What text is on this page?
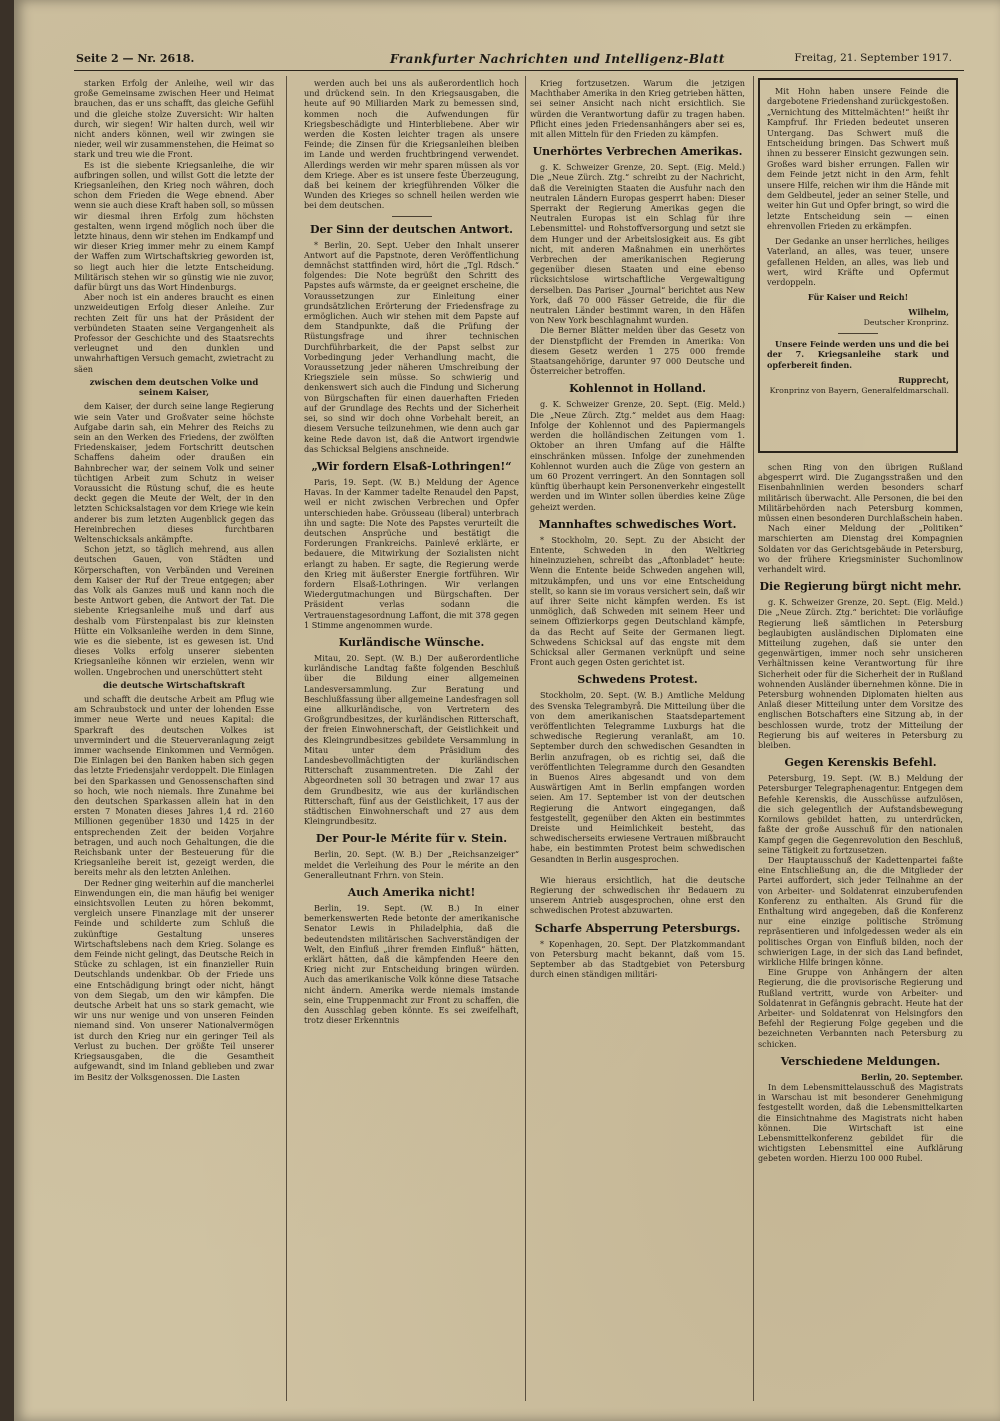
Seite 2 — Nr. 2618.	Frankfurter Nachrichten und Intelligenz-Blatt	Freitag, 21. September 1917.

starken Erfolg der Anleihe, weil wir das große Gemeinsame zwischen Heer und Heimat brauchen, das er uns schafft, das gleiche Gefühl und die gleiche stolze Zuversicht: Wir halten durch, wir siegen! Wir halten durch, weil wir nicht anders können, weil wir zwingen sie nieder, weil wir zusammenstehen, die Heimat so stark und treu wie die Front.

Es ist die siebente Kriegsanleihe, die wir aufbringen sollen, und willst Gott die letzte der Kriegsanleihen, den Krieg noch währen, doch schon dem Frieden die Wege ebnend. Aber wenn sie auch diese Kraft haben soll, so müssen wir diesmal ihren Erfolg zum höchsten gestalten, wenn irgend möglich noch über die letzte hinaus, denn wir stehen im Endkampf und wir dieser Krieg immer mehr zu einem Kampf der Waffen zum Wirtschaftskrieg geworden ist, so liegt auch hier die letzte Entscheidung. Militärisch stehen wir so günstig wie nie zuvor, dafür bürgt uns das Wort Hindenburgs.

Aber noch ist ein anderes braucht es einen unzweideutigen Erfolg dieser Anleihe. Zur rechten Zeit für uns hat der Präsident der verbündeten Staaten seine Vergangenheit als Professor der Geschichte und des Staatsrechts verleugnet und den dunklen und unwahrhaftigen Versuch gemacht, zwietracht zu säen

zwischen dem deutschen Volke und seinem Kaiser,

dem Kaiser, der durch seine lange Regierung wie sein Vater und Großvater seine höchste Aufgabe darin sah, ein Mehrer des Reichs zu sein an den Werken des Friedens, der zwölften Friedenskaiser, jedem Fortschritt deutschen Schaffens daheim oder draußen ein Bahnbrecher war, der seinem Volk und seiner tüchtigen Arbeit zum Schutz in weiser Voraussicht die Rüstung schuf, die es heute deckt gegen die Meute der Welt, der in den letzten Schicksalstagen vor dem Kriege wie kein anderer bis zum letzten Augenblick gegen das Hereinbrechen dieses furchtbaren Weltenschicksals ankämpfte.

Schon jetzt, so täglich mehrend, aus allen deutschen Gauen, von Städten und Körperschaften, von Verbänden und Vereinen dem Kaiser der Ruf der Treue entgegen; aber das Volk als Ganzes muß und kann noch die beste Antwort geben, die Antwort der Tat. Die siebente Kriegsanleihe muß und darf aus deshalb vom Fürstenpalast bis zur kleinsten Hütte ein Volksanleihe werden in dem Sinne, wie es die siebente, ist es gewesen ist. Und dieses Volks erfolg unserer siebenten Kriegsanleihe können wir erzielen, wenn wir wollen. Ungebrochen und unerschüttert steht

die deutsche Wirtschaftskraft

und schafft die deutsche Arbeit am Pflug wie am Schraubstock und unter der lohenden Esse immer neue Werte und neues Kapital: die Sparkraft des deutschen Volkes ist unvermindert und die Steuerveranlagung zeigt immer wachsende Einkommen und Vermögen. Die Einlagen bei den Banken haben sich gegen das letzte Friedensjahr verdoppelt. Die Einlagen bei den Sparkassen und Genossenschaften sind so hoch, wie noch niemals. Ihre Zunahme bei den deutschen Sparkassen allein hat in den ersten 7 Monaten dieses Jahres 1,4 rd. 2160 Millionen gegenüber 1830 und 1425 in der entsprechenden Zeit der beiden Vorjahre betragen, und auch noch Gehaltungen, die die Reichsbank unter der Besteuerung für die Kriegsanleihe bereit ist, gezeigt werden, die bereits mehr als den letzten Anleihen.

Der Redner ging weiterhin auf die mancherlei Einwendungen ein, die man häufig bei weniger einsichtsvollen Leuten zu hören bekommt, vergleich unsere Finanzlage mit der unserer Feinde und schilderte zum Schluß die zukünftige Gestaltung unseres Wirtschaftslebens nach dem Krieg. Solange es dem Feinde nicht gelingt, das Deutsche Reich in Stücke zu schlagen, ist ein finanzieller Ruin Deutschlands undenkbar. Ob der Friede uns eine Entschädigung bringt oder nicht, hängt von dem Siegab, um den wir kämpfen. Die deutsche Arbeit hat uns so stark gemacht, wie wir uns nur wenige und von unseren Feinden niemand sind. Von unserer Nationalvermögen ist durch den Krieg nur ein geringer Teil als Verlust zu buchen. Der größte Teil unserer Kriegsausgaben, die die Gesamtheit aufgewandt, sind im Inland geblieben und zwar im Besitz der Volksgenossen. Die Lasten

werden auch bei uns als außerordentlich hoch und drückend sein. In den Kriegsausgaben, die heute auf 90 Milliarden Mark zu bemessen sind, kommen noch die Aufwendungen für Kriegsbeschädigte und Hinterbliebene. Aber wir werden die Kosten leichter tragen als unsere Feinde; die Zinsen für die Kriegsanleihen bleiben im Lande und werden fruchtbringend verwendet. Allerdings werden wir mehr sparen müssen als vor dem Kriege. Aber es ist unsere feste Überzeugung, daß bei keinem der kriegführenden Völker die Wunden des Krieges so schnell heilen werden wie bei dem deutschen.

Der Sinn der deutschen Antwort.

* Berlin, 20. Sept. Ueber den Inhalt unserer Antwort auf die Papstnote, deren Veröffentlichung demnächst stattfinden wird, hört die „Tgl. Rdsch.“ folgendes: Die Note begrüßt den Schritt des Papstes aufs wärmste, da er geeignet erscheine, die Voraussetzungen zur Einleitung einer grundsätzlichen Erörterung der Friedensfrage zu ermöglichen. Auch wir stehen mit dem Papste auf dem Standpunkte, daß die Prüfung der Rüstungsfrage und ihrer technischen Durchführbarkeit, die der Papst selbst zur Vorbedingung jeder Verhandlung macht, die Voraussetzung jeder näheren Umschreibung der Kriegsziele sein müsse. So schwierig und denkenswert sich auch die Findung und Sicherung von Bürgschaften für einen dauerhaften Frieden auf der Grundlage des Rechts und der Sicherheit sei, so sind wir doch ohne Vorbehalt bereit, an diesem Versuche teilzunehmen, wie denn auch gar keine Rede davon ist, daß die Antwort irgendwie das Schicksal Belgiens anschneide.

„Wir fordern Elsaß-Lothringen!“

Paris, 19. Sept. (W. B.) Meldung der Agence Havas. In der Kammer tadelte Renaudel den Papst, weil er nicht zwischen Verbrechen und Opfer unterschieden habe. Gröusseau (liberal) unterbrach ihn und sagte: Die Note des Papstes verurteilt die deutschen Ansprüche und bestätigt die Forderungen Frankreichs. Painlevé erklärte, er bedauere, die Mitwirkung der Sozialisten nicht erlangt zu haben. Er sagte, die Regierung werde den Krieg mit äußerster Energie fortführen. Wir fordern Elsaß-Lothringen. Wir verlangen Wiedergutmachungen und Bürgschaften. Der Präsident verlas sodann die Vertrauenstagesordnung Laffont, die mit 378 gegen 1 Stimme angenommen wurde.

Kurländische Wünsche.

Mitau, 20. Sept. (W. B.) Der außerordentliche kurländische Landtag faßte folgenden Beschluß über die Bildung einer allgemeinen Landesversammlung. Zur Beratung und Beschlußfassung über allgemeine Landesfragen soll eine allkurländische, von Vertretern des Großgrundbesitzes, der kurländischen Ritterschaft, der freien Einwohnerschaft, der Geistlichkeit und des Kleingrundbesitzes gebildete Versammlung in Mitau unter dem Präsidium des Landesbevollmächtigten der kurländischen Ritterschaft zusammentreten. Die Zahl der Abgeordneten soll 30 betragen und zwar 17 aus dem Grundbesitz, wie aus der kurländischen Ritterschaft, fünf aus der Geistlichkeit, 17 aus der städtischen Einwohnerschaft und 27 aus dem Kleingrundbesitz.

Der Pour-le Mérite für v. Stein.

Berlin, 20. Sept. (W. B.) Der „Reichsanzeiger“ meldet die Verleihung des Pour le mérite an den Generalleutnant Frhrn. von Stein.

Auch Amerika nicht!

Berlin, 19. Sept. (W. B.) In einer bemerkenswerten Rede betonte der amerikanische Senator Lewis in Philadelphia, daß die bedeutendsten militärischen Sachverständigen der Welt, den Einfluß „ihrer fremden Einfluß“ hätten, erklärt hätten, daß die kämpfenden Heere den Krieg nicht zur Entscheidung bringen würden. Auch das amerikanische Volk könne diese Tatsache nicht ändern. Amerika werde niemals imstande sein, eine Truppenmacht zur Front zu schaffen, die den Ausschlag geben könnte. Es sei zweifelhaft, trotz dieser Erkenntnis

Krieg fortzusetzen. Warum die jetzigen Machthaber Amerika in den Krieg getrieben hätten, sei seiner Ansicht nach nicht ersichtlich. Sie würden die Verantwortung dafür zu tragen haben. Pflicht eines jeden Friedensanhängers aber sei es, mit allen Mitteln für den Frieden zu kämpfen.

Unerhörtes Verbrechen Amerikas.

g. K. Schweizer Grenze, 20. Sept. (Eig. Meld.) Die „Neue Zürch. Ztg.“ schreibt zu der Nachricht, daß die Vereinigten Staaten die Ausfuhr nach den neutralen Ländern Europas gesperrt haben: Dieser Sperrakt der Regierung Amerikas gegen die Neutralen Europas ist ein Schlag für ihre Lebensmittel- und Rohstoffversorgung und setzt sie dem Hunger und der Arbeitslosigkeit aus. Es gibt nicht, mit anderen Maßnahmen ein unerhörtes Verbrechen der amerikanischen Regierung gegenüber diesen Staaten und eine ebenso rücksichtslose wirtschaftliche Vergewaltigung derselben. Das Pariser „Journal“ berichtet aus New York, daß 70 000 Fässer Getreide, die für die neutralen Länder bestimmt waren, in den Häfen von New York beschlagnahmt wurden.

Die Berner Blätter melden über das Gesetz von der Dienstpflicht der Fremden in Amerika: Von diesem Gesetz werden 1 275 000 fremde Staatsangehörige, darunter 97 000 Deutsche und Österreicher betroffen.

Kohlennot in Holland.

g. K. Schweizer Grenze, 20. Sept. (Eig. Meld.) Die „Neue Zürch. Ztg.“ meldet aus dem Haag: Infolge der Kohlennot und des Papiermangels werden die holländischen Zeitungen vom 1. Oktober an ihren Umfang auf die Hälfte einschränken müssen. Infolge der zunehmenden Kohlennot wurden auch die Züge von gestern an um 60 Prozent verringert. An den Sonntagen soll künftig überhaupt kein Personenverkehr eingestellt werden und im Winter sollen überdies keine Züge geheizt werden.

Mannhaftes schwedisches Wort.

* Stockholm, 20. Sept. Zu der Absicht der Entente, Schweden in den Weltkrieg hineinzuziehen, schreibt das „Aftonbladet“ heute: Wenn die Entente beide Schweden angehen will, mitzukämpfen, und uns vor eine Entscheidung stellt, so kann sie im voraus versichert sein, daß wir auf ihrer Seite nicht kämpfen werden. Es ist unmöglich, daß Schweden mit seinem Heer und seinem Offizierkorps gegen Deutschland kämpfe, da das Recht auf Seite der Germanen liegt. Schwedens Schicksal auf das engste mit dem Schicksal aller Germanen verknüpft und seine Front auch gegen Osten gerichtet ist.

Schwedens Protest.

Stockholm, 20. Sept. (W. B.) Amtliche Meldung des Svenska Telegrambyrå. Die Mitteilung über die von dem amerikanischen Staatsdepartement veröffentlichten Telegramme Luxburgs hat die schwedische Regierung veranlaßt, am 10. September durch den schwedischen Gesandten in Berlin anzufragen, ob es richtig sei, daß die veröffentlichten Telegramme durch den Gesandten in Buenos Aires abgesandt und von dem Auswärtigen Amt in Berlin empfangen worden seien. Am 17. September ist von der deutschen Regierung die Antwort eingegangen, daß festgestellt, gegenüber den Akten ein bestimmtes Dreiste und Heimlichkeit besteht, das schwedischerseits erwiesene Vertrauen mißbraucht habe, ein bestimmten Protest beim schwedischen Gesandten in Berlin ausgesprochen.

Wie hieraus ersichtlich, hat die deutsche Regierung der schwedischen ihr Bedauern zu unserem Antrieb ausgesprochen, ohne erst den schwedischen Protest abzuwarten.

Scharfe Absperrung Petersburgs.

* Kopenhagen, 20. Sept. Der Platzkommandant von Petersburg macht bekannt, daß vom 15. September ab das Stadtgebiet von Petersburg durch einen ständigen militäri-

Mit Hohn haben unsere Feinde die dargebotene Friedenshand zurückgestoßen. „Vernichtung des Mittelmächten!“ heißt ihr Kampfruf. Ihr Frieden bedeutet unseren Untergang. Das Schwert muß die Entscheidung bringen. Das Schwert muß ihnen zu besserer Einsicht gezwungen sein. Großes ward bisher errungen. Fallen wir dem Feinde jetzt nicht in den Arm, fehlt unsere Hilfe, reichen wir ihm die Hände mit dem Geldbeutel, jeder an seiner Stelle, und weiter hin Gut und Opfer bringt, so wird die letzte Entscheidung sein — einen ehrenvollen Frieden zu erkämpfen.

Der Gedanke an unser herrliches, heiliges Vaterland, an alles, was teuer, unsere gefallenen Helden, an alles, was lieb und wert, wird Kräfte und Opfermut verdoppeln.

Für Kaiser und Reich!
Wilhelm,
Deutscher Kronprinz.

Unsere Feinde werden uns und die bei der 7. Kriegsanleihe stark und opferbereit finden.

Rupprecht,
Kronprinz von Bayern, Generalfeldmarschall.

schen Ring von den übrigen Rußland abgesperrt wird. Die Zugangsstraßen und den Eisenbahnlinien werden besonders scharf militärisch überwacht. Alle Personen, die bei den Militärbehörden nach Petersburg kommen, müssen einen besonderen Durchlaßschein haben.

Nach einer Meldung der „Politiken“ marschierten am Dienstag drei Kompagnien Soldaten vor das Gerichtsgebäude in Petersburg, wo der frühere Kriegsminister Suchomlinow verhandelt wird.

Die Regierung bürgt nicht mehr.

g. K. Schweizer Grenze, 20. Sept. (Eig. Meld.) Die „Neue Zürch. Ztg.“ berichtet: Die vorläufige Regierung ließ sämtlichen in Petersburg beglaubigten ausländischen Diplomaten eine Mitteilung zugehen, daß sie unter den gegenwärtigen, immer noch sehr unsicheren Verhältnissen keine Verantwortung für ihre Sicherheit oder für die Sicherheit der in Rußland wohnenden Ausländer übernehmen könne. Die in Petersburg wohnenden Diplomaten hielten aus Anlaß dieser Mitteilung unter dem Vorsitze des englischen Botschafters eine Sitzung ab, in der beschlossen wurde, trotz der Mitteilung der Regierung bis auf weiteres in Petersburg zu bleiben.

Gegen Kerenskis Befehl.

Petersburg, 19. Sept. (W. B.) Meldung der Petersburger Telegraphenagentur. Entgegen dem Befehle Kerenskis, die Ausschüsse aufzulösen, die sich gelegentlich der Aufstandsbewegung Kornilows gebildet hatten, zu unterdrücken, faßte der große Ausschuß für den nationalen Kampf gegen die Gegenrevolution den Beschluß, seine Tätigkeit zu fortzusetzen.

Der Hauptausschuß der Kadettenpartei faßte eine Entschließung an, die die Mitglieder der Partei auffordert, sich jeder Teilnahme an der von Arbeiter- und Soldatenrat einzuberufenden Konferenz zu enthalten. Als Grund für die Enthaltung wird angegeben, daß die Konferenz nur eine einzige politische Strömung repräsentieren und infolgedessen weder als ein politisches Organ von Einfluß bilden, noch der schwierigen Lage, in der sich das Land befindet, wirkliche Hilfe bringen könne.

Eine Gruppe von Anhängern der alten Regierung, die die provisorische Regierung und Rußland vertritt, wurde von Arbeiter- und Soldatenrat in Gefängnis gebracht. Heute hat der Arbeiter- und Soldatenrat von Helsingfors den Befehl der Regierung Folge gegeben und die bezeichneten Verbannten nach Petersburg zu schicken.

Verschiedene Meldungen.
Berlin, 20. September.

In dem Lebensmittelausschuß des Magistrats in Warschau ist mit besonderer Genehmigung festgestellt worden, daß die Lebensmittelkarten die Einsichtnahme des Magistrats nicht haben können. Die Wirtschaft ist eine Lebensmittelkonferenz gebildet für die wichtigsten Lebensmittel eine Aufklärung gebeten worden. Hierzu 100 000 Rubel.
